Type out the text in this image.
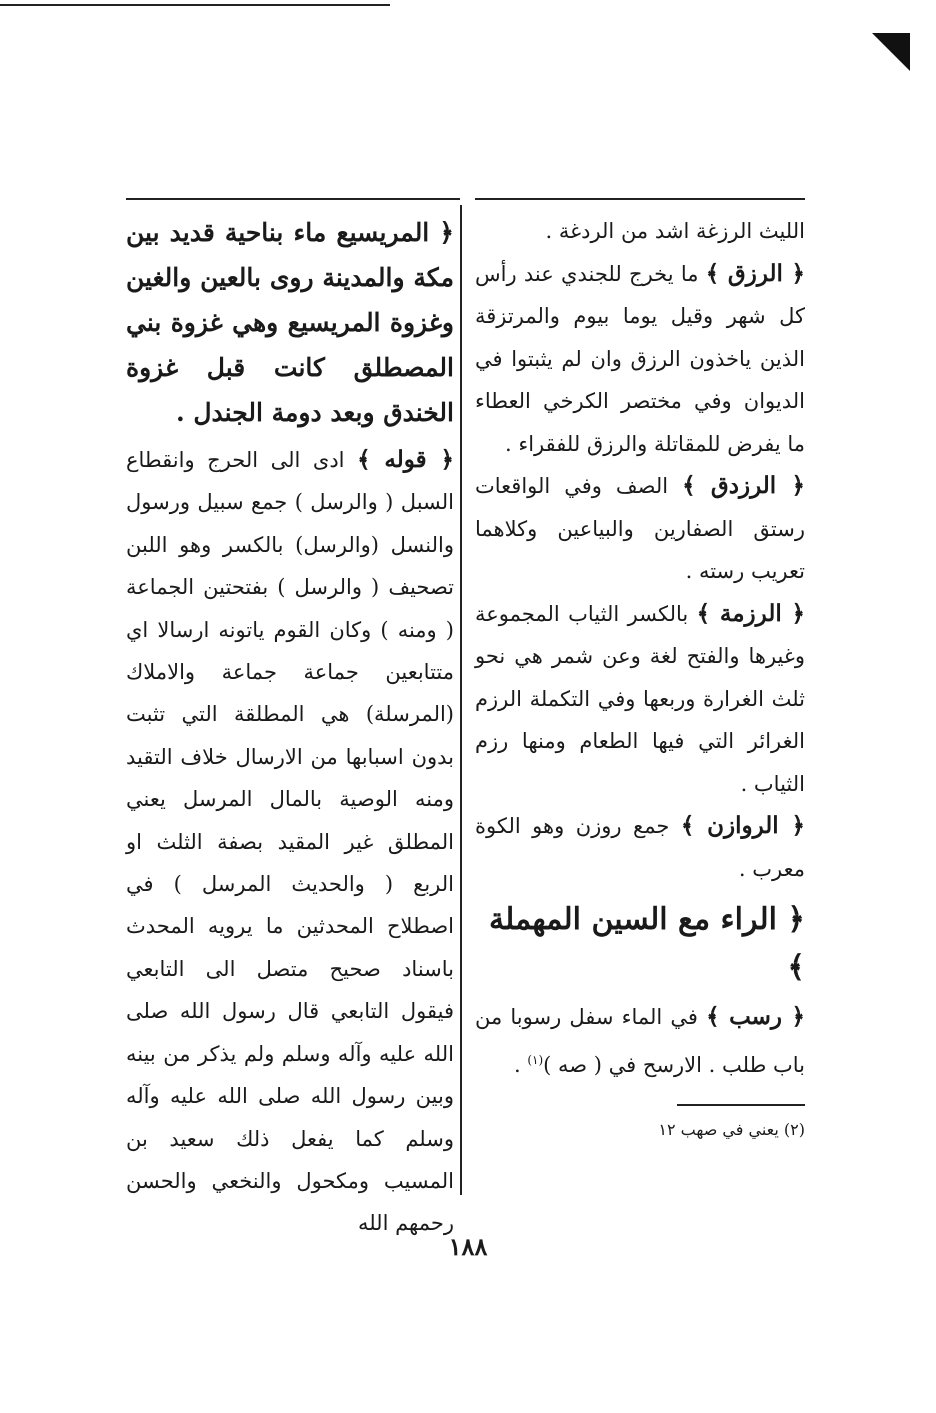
الليث الرزغة اشد من الردغة .

﴿ الرزق ﴾ ما يخرج للجندي عند رأس كل شهر وقيل يوما بيوم والمرتزقة الذين ياخذون الرزق وان لم يثبتوا في الديوان وفي مختصر الكرخي العطاء ما يفرض للمقاتلة والرزق للفقراء .

﴿ الرزدق ﴾ الصف وفي الواقعات رستق الصفارين والبياعين وكلاهما تعريب رسته .

﴿ الرزمة ﴾ بالكسر الثياب المجموعة وغيرها والفتح لغة وعن شمر هي نحو ثلث الغرارة وربعها وفي التكملة الرزم الغرائر التي فيها الطعام ومنها رزم الثياب .

﴿ الروازن ﴾ جمع روزن وهو الكوة معرب .

﴿ الراء مع السين المهملة ﴾

﴿ رسب ﴾ في الماء سفل رسوبا من باب طلب . الارسح في ( صه )$^{(١)}$ .

(٢) يعني في صهب ١٢

﴿ المريسيع ماء بناحية قديد بين مكة والمدينة روى بالعين والغين وغزوة المريسيع وهي غزوة بني المصطلق كانت قبل غزوة الخندق وبعد دومة الجندل .

﴿ قوله ﴾ ادى الى الحرج وانقطاع السبل ( والرسل ) جمع سبيل ورسول والنسل (والرسل) بالكسر وهو اللبن تصحيف ( والرسل ) بفتحتين الجماعة ( ومنه ) وكان القوم ياتونه ارسالا اي متتابعين جماعة جماعة والاملاك (المرسلة) هي المطلقة التي تثبت بدون اسبابها من الارسال خلاف التقيد ومنه الوصية بالمال المرسل يعني المطلق غير المقيد بصفة الثلث او الربع ( والحديث المرسل ) في اصطلاح المحدثين ما يرويه المحدث باسناد صحيح متصل الى التابعي فيقول التابعي قال رسول الله صلى الله عليه وآله وسلم ولم يذكر من بينه وبين رسول الله صلى الله عليه وآله وسلم كما يفعل ذلك سعيد بن المسيب ومكحول والنخعي والحسن رحمهم الله

١٨٨
